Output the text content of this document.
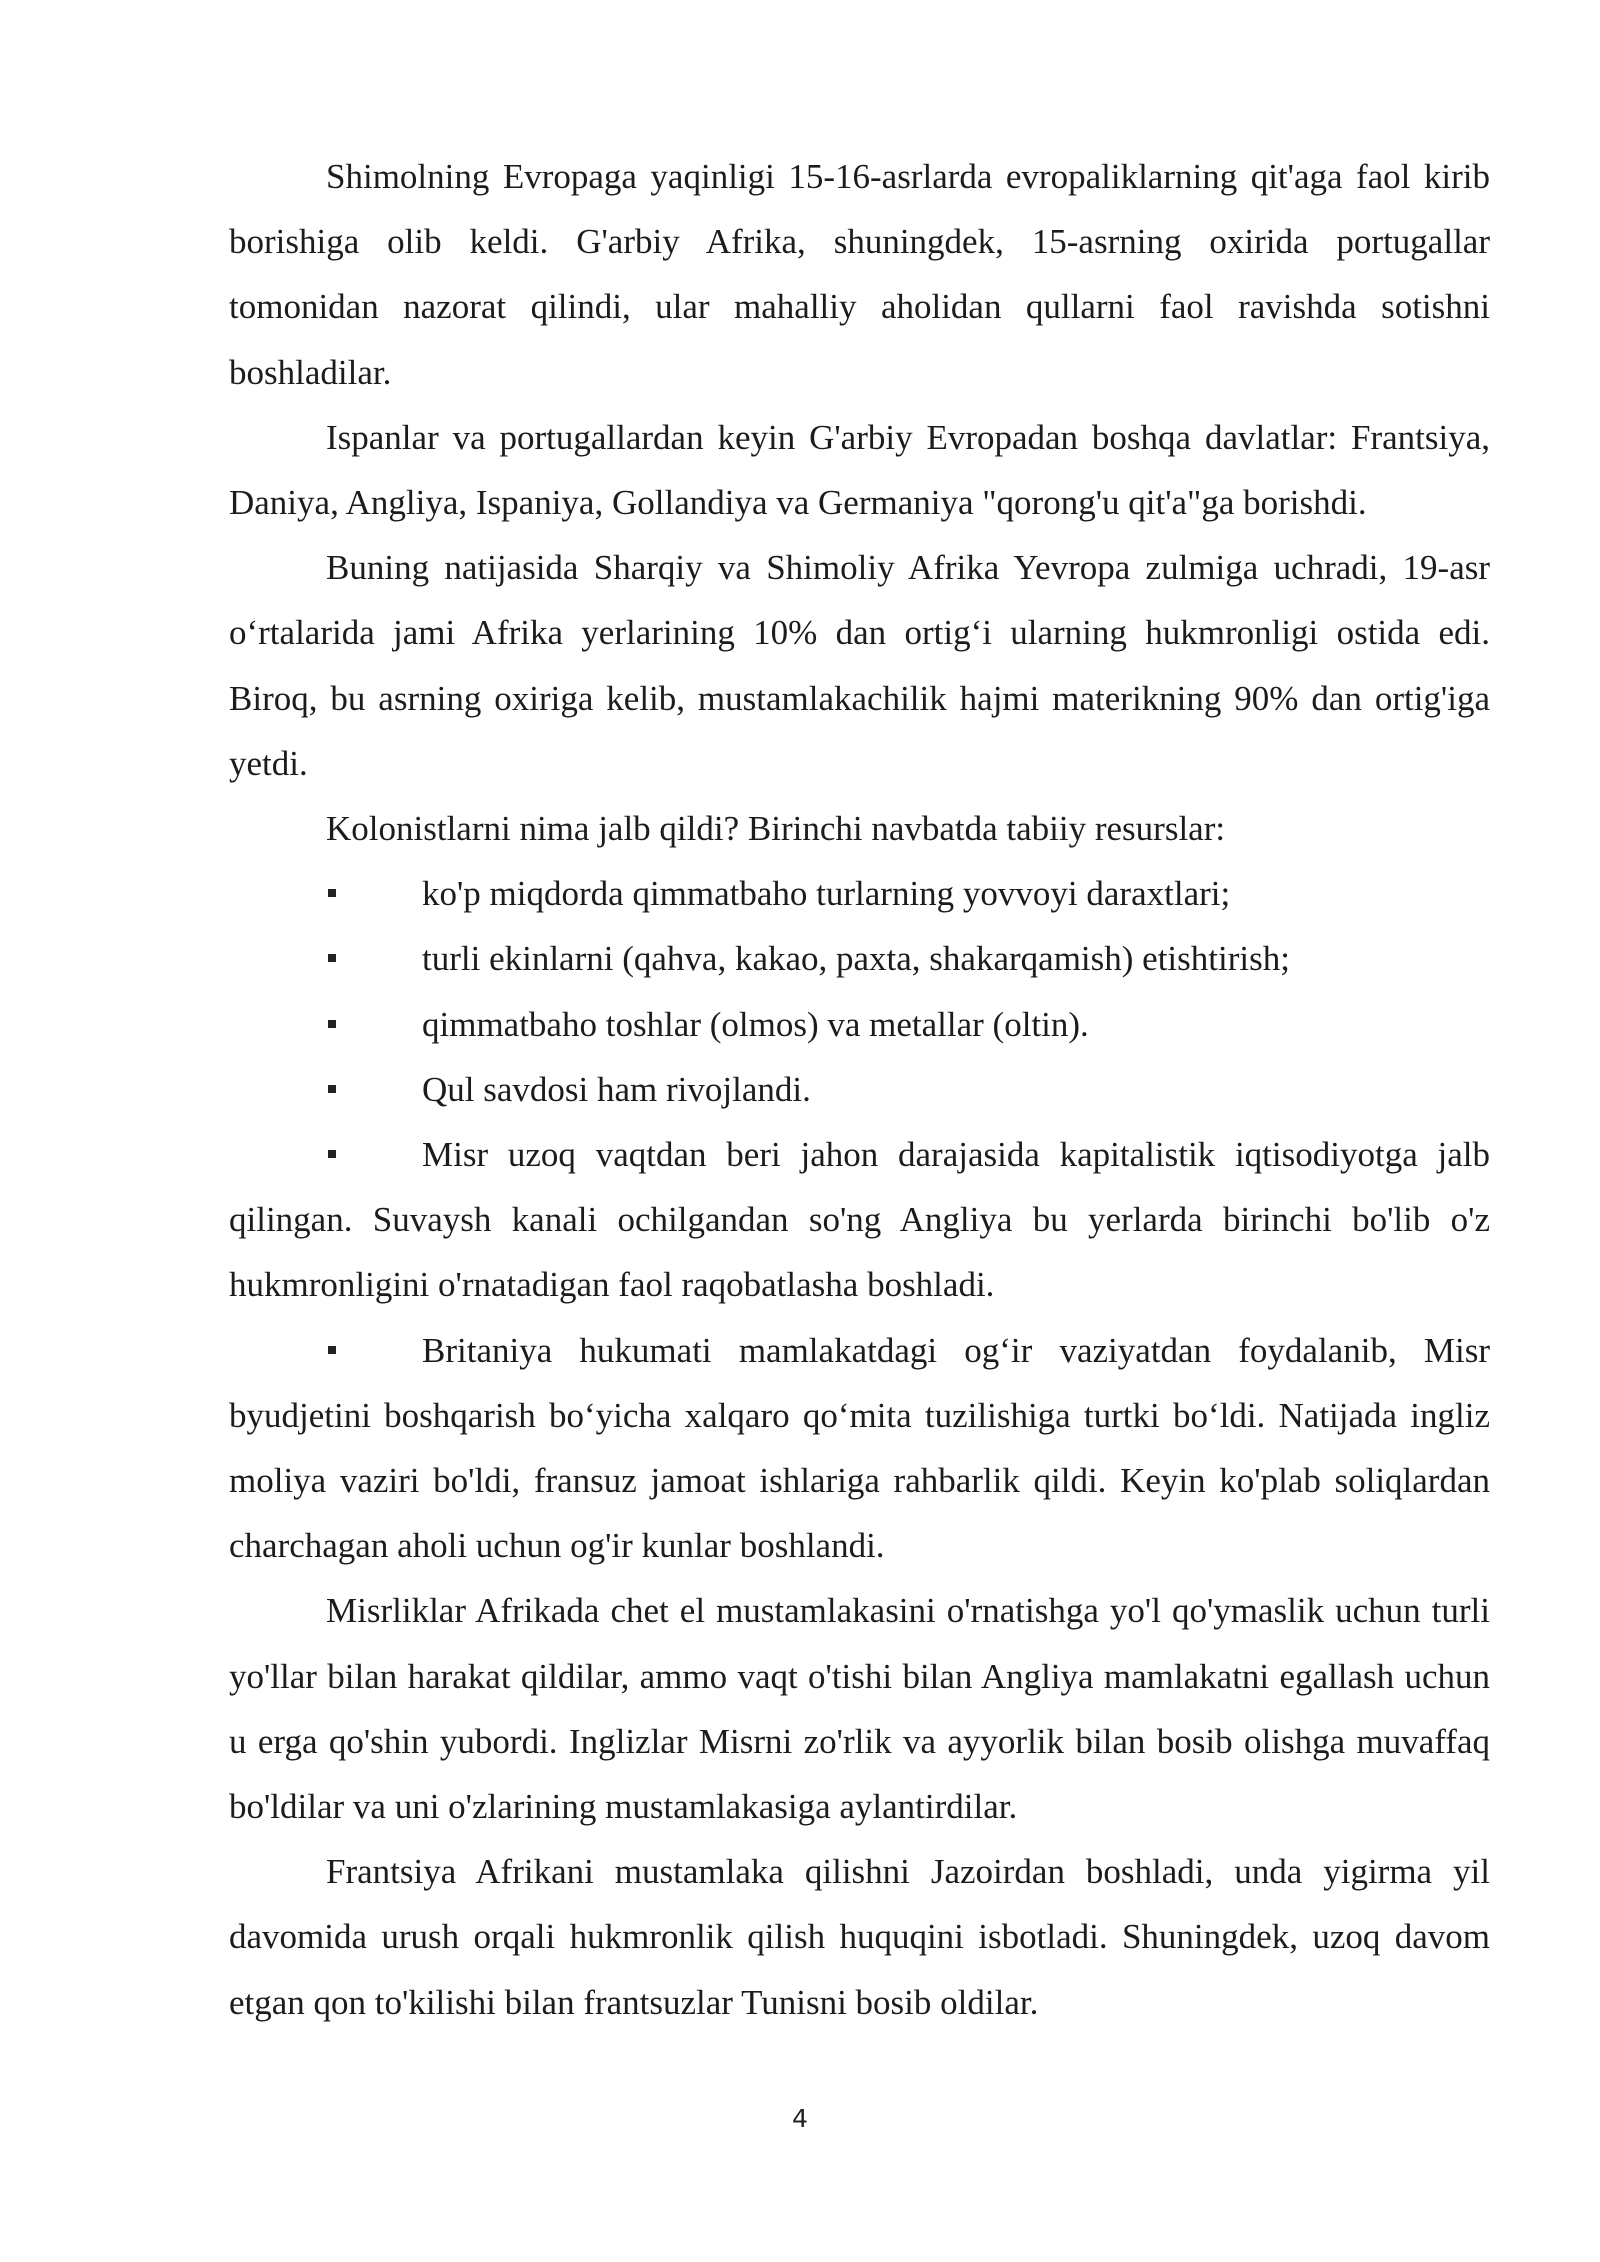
Shimolning Evropaga yaqinligi 15-16-asrlarda evropaliklarning qit'aga faol kirib borishiga olib keldi. G'arbiy Afrika, shuningdek, 15-asrning oxirida portugallar tomonidan nazorat qilindi, ular mahalliy aholidan qullarni faol ravishda sotishni boshladilar.

Ispanlar va portugallardan keyin G'arbiy Evropadan boshqa davlatlar: Frantsiya, Daniya, Angliya, Ispaniya, Gollandiya va Germaniya "qorong'u qit'a"ga borishdi.

Buning natijasida Sharqiy va Shimoliy Afrika Yevropa zulmiga uchradi, 19-asr o‘rtalarida jami Afrika yerlarining 10% dan ortig‘i ularning hukmronligi ostida edi. Biroq, bu asrning oxiriga kelib, mustamlakachilik hajmi materikning 90% dan ortig'iga yetdi.

Kolonistlarni nima jalb qildi? Birinchi navbatda tabiiy resurslar:

ko'p miqdorda qimmatbaho turlarning yovvoyi daraxtlari;
turli ekinlarni (qahva, kakao, paxta, shakarqamish) etishtirish;
qimmatbaho toshlar (olmos) va metallar (oltin).
Qul savdosi ham rivojlandi.
Misr uzoq vaqtdan beri jahon darajasida kapitalistik iqtisodiyotga jalb qilingan. Suvaysh kanali ochilgandan so'ng Angliya bu yerlarda birinchi bo'lib o'z hukmronligini o'rnatadigan faol raqobatlasha boshladi.
Britaniya hukumati mamlakatdagi og‘ir vaziyatdan foydalanib, Misr byudjetini boshqarish bo‘yicha xalqaro qo‘mita tuzilishiga turtki bo‘ldi. Natijada ingliz moliya vaziri bo'ldi, fransuz jamoat ishlariga rahbarlik qildi. Keyin ko'plab soliqlardan charchagan aholi uchun og'ir kunlar boshlandi.

Misrliklar Afrikada chet el mustamlakasini o'rnatishga yo'l qo'ymaslik uchun turli yo'llar bilan harakat qildilar, ammo vaqt o'tishi bilan Angliya mamlakatni egallash uchun u erga qo'shin yubordi. Inglizlar Misrni zo'rlik va ayyorlik bilan bosib olishga muvaffaq bo'ldilar va uni o'zlarining mustamlakasiga aylantirdilar.

Frantsiya Afrikani mustamlaka qilishni Jazoirdan boshladi, unda yigirma yil davomida urush orqali hukmronlik qilish huquqini isbotladi. Shuningdek, uzoq davom etgan qon to'kilishi bilan frantsuzlar Tunisni bosib oldilar.

4
